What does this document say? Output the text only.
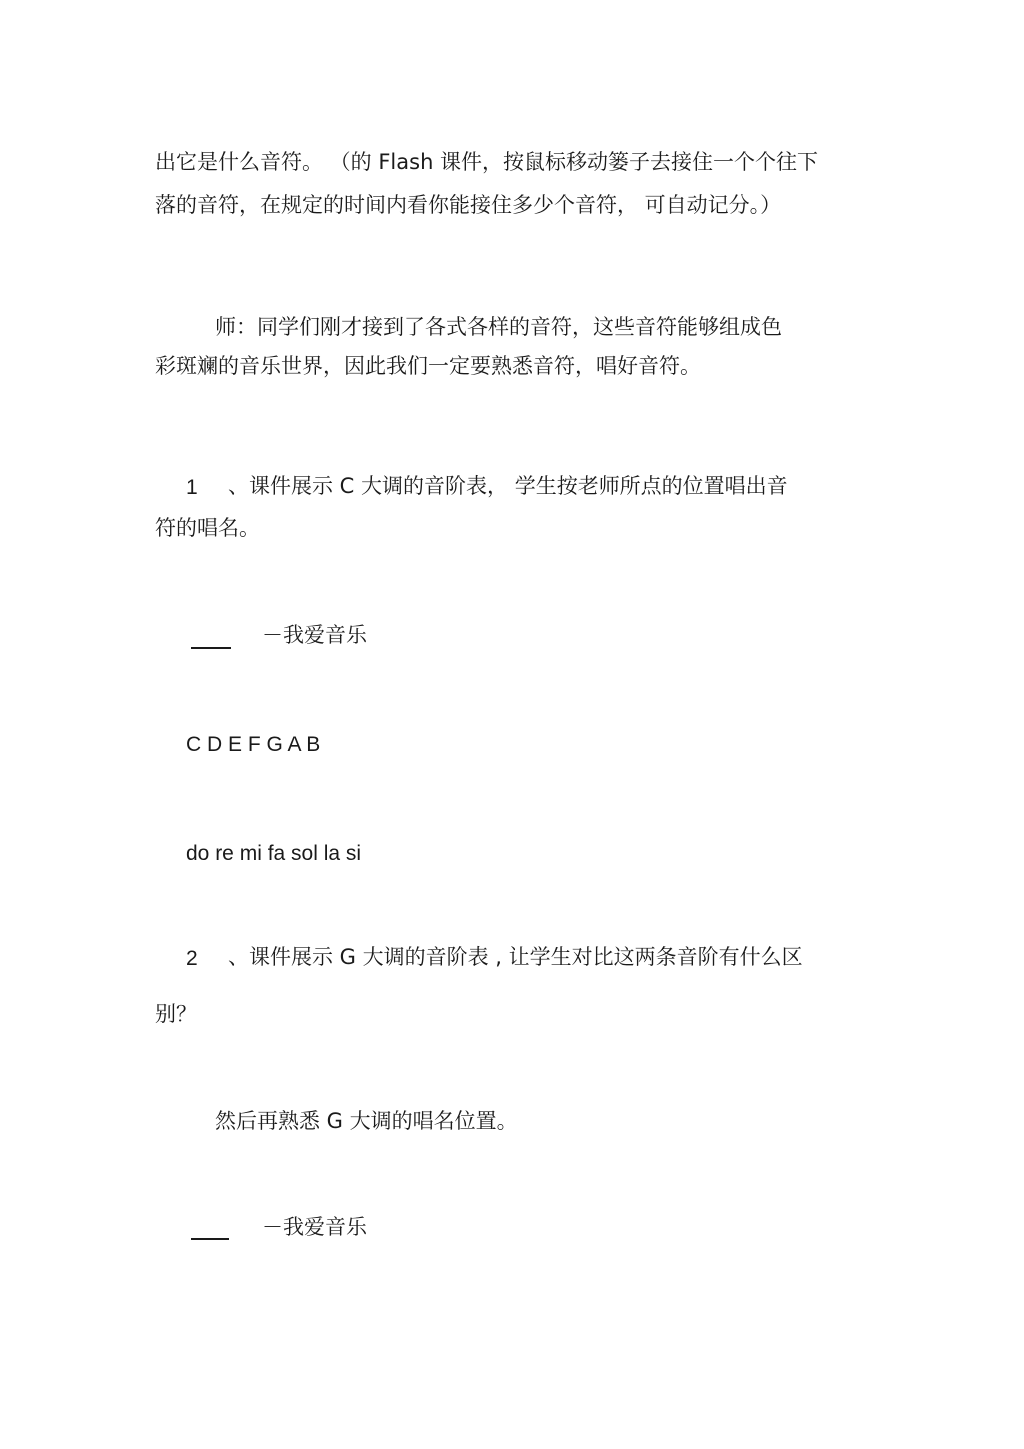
出它是什么音符。 （的 Flash 课件，按鼠标移动篓子去接住一个个往下
落的音符，在规定的时间内看你能接住多少个音符， 可自动记分。）
师：同学们刚才接到了各式各样的音符，这些音符能够组成色
彩斑斓的音乐世界，因此我们一定要熟悉音符，唱好音符。
1 、课件展示 C 大调的音阶表， 学生按老师所点的位置唱出音
符的唱名。
－我爱音乐
C D E F G A B
do re mi fa sol la si
2 、课件展示 G 大调的音阶表 , 让学生对比这两条音阶有什么区
别？
然后再熟悉 G 大调的唱名位置。
－我爱音乐
